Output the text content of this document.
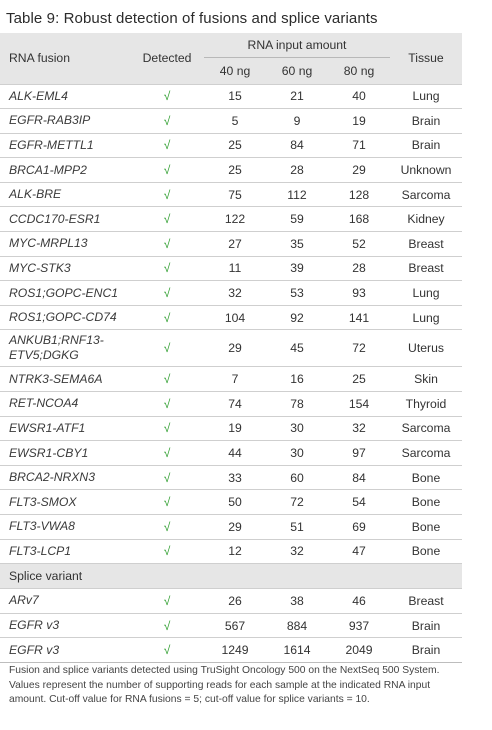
Table 9: Robust detection of fusions and splice variants
RNA fusion	Detected	RNA input amount			Tissue
		40 ng	60 ng	80 ng	
ALK-EML4	√	15	21	40	Lung
EGFR-RAB3IP	√	5	9	19	Brain
EGFR-METTL1	√	25	84	71	Brain
BRCA1-MPP2	√	25	28	29	Unknown
ALK-BRE	√	75	112	128	Sarcoma
CCDC170-ESR1	√	122	59	168	Kidney
MYC-MRPL13	√	27	35	52	Breast
MYC-STK3	√	11	39	28	Breast
ROS1;GOPC-ENC1	√	32	53	93	Lung
ROS1;GOPC-CD74	√	104	92	141	Lung
ANKUB1;RNF13-ETV5;DGKG	√	29	45	72	Uterus
NTRK3-SEMA6A	√	7	16	25	Skin
RET-NCOA4	√	74	78	154	Thyroid
EWSR1-ATF1	√	19	30	32	Sarcoma
EWSR1-CBY1	√	44	30	97	Sarcoma
BRCA2-NRXN3	√	33	60	84	Bone
FLT3-SMOX	√	50	72	54	Bone
FLT3-VWA8	√	29	51	69	Bone
FLT3-LCP1	√	12	32	47	Bone
Splice variant					
ARv7	√	26	38	46	Breast
EGFR v3	√	567	884	937	Brain
EGFR v3	√	1249	1614	2049	Brain
Fusion and splice variants detected using TruSight Oncology 500 on the NextSeq 500 System. Values represent the number of supporting reads for each sample at the indicated RNA input amount. Cut-off value for RNA fusions = 5; cut-off value for splice variants = 10.
